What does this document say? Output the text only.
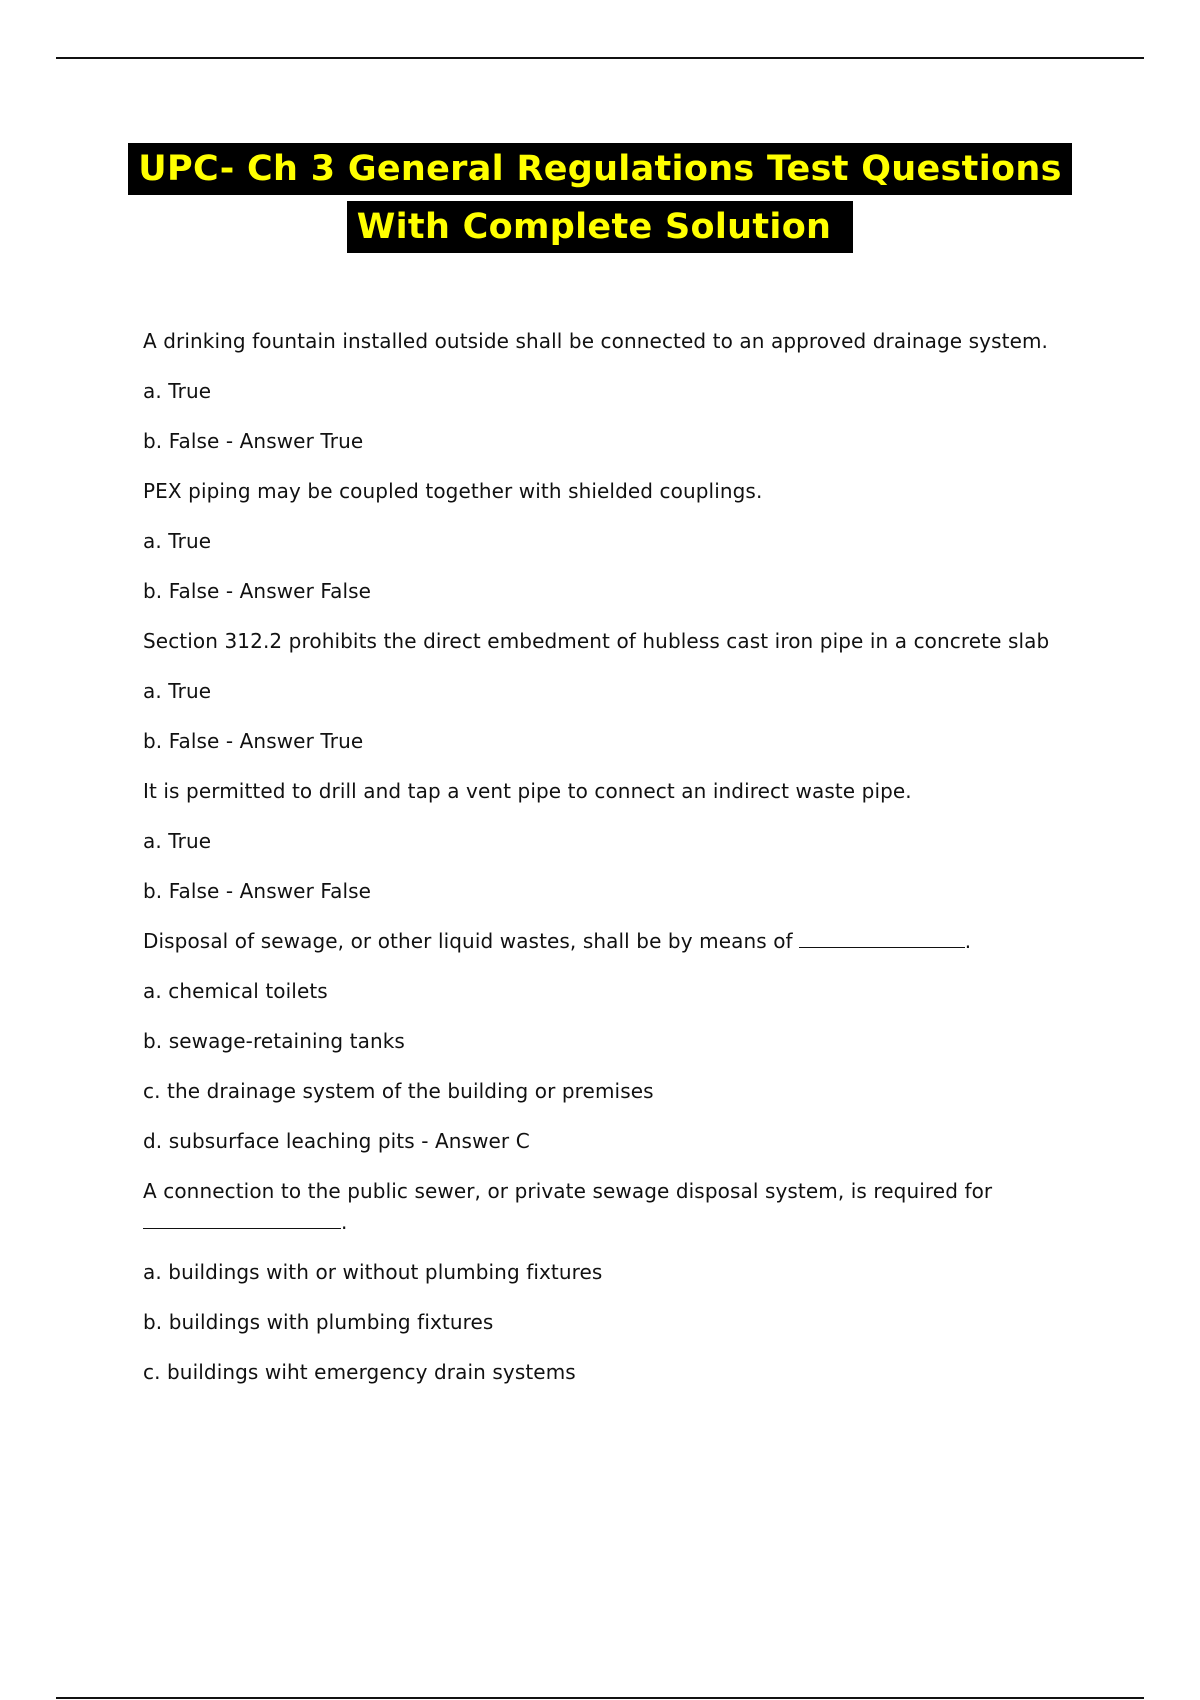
UPC- Ch 3 General Regulations Test Questions
With Complete Solution

A drinking fountain installed outside shall be connected to an approved drainage system.

a. True

b. False - Answer True

PEX piping may be coupled together with shielded couplings.

a. True

b. False - Answer False

Section 312.2 prohibits the direct embedment of hubless cast iron pipe in a concrete slab

a. True

b. False - Answer True

It is permitted to drill and tap a vent pipe to connect an indirect waste pipe.

a. True

b. False - Answer False

Disposal of sewage, or other liquid wastes, shall be by means of	.

a. chemical toilets

b. sewage-retaining tanks

c. the drainage system of the building or premises

d. subsurface leaching pits - Answer C

A connection to the public sewer, or private sewage disposal system, is required for
.

a. buildings with or without plumbing fixtures

b. buildings with plumbing fixtures

c. buildings wiht emergency drain systems
